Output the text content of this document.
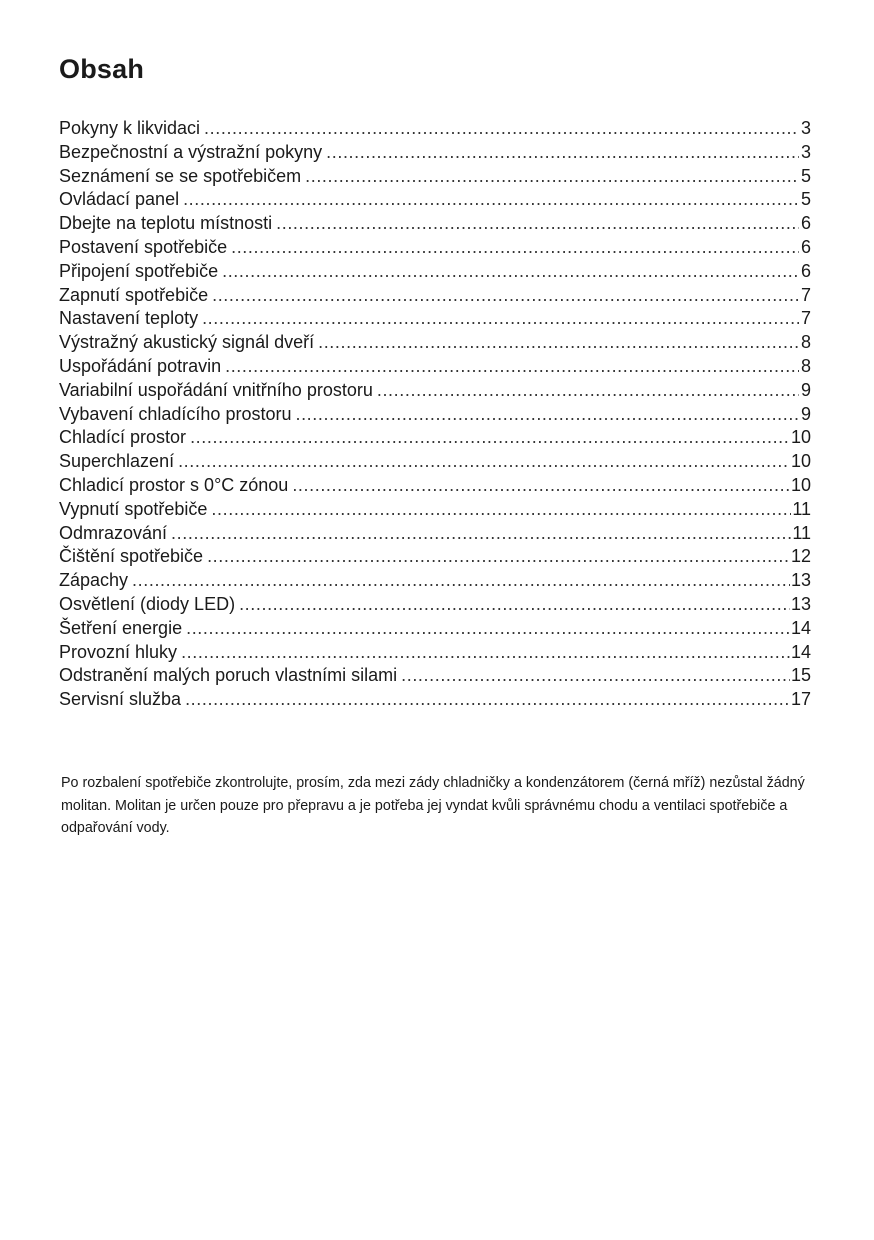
Obsah
Pokyny k likvidaci .....	3
Bezpečnostní a výstražní pokyny .....	3
Seznámení se se spotřebičem .....	5
Ovládací panel .....	5
Dbejte na teplotu místnosti .....	6
Postavení spotřebiče .....	6
Připojení spotřebiče .....	6
Zapnutí spotřebiče .....	7
Nastavení teploty .....	7
Výstražný akustický signál dveří .....	8
Uspořádání potravin .....	8
Variabilní uspořádání vnitřního prostoru .....	9
Vybavení chladícího prostoru .....	9
Chladící prostor .....	10
Superchlazení .....	10
Chladicí prostor s 0°C zónou .....	10
Vypnutí spotřebiče .....	11
Odmrazování .....	11
Čištění spotřebiče .....	12
Zápachy .....	13
Osvětlení (diody LED) .....	13
Šetření energie .....	14
Provozní hluky .....	14
Odstranění malých poruch vlastními silami .....	15
Servisní služba .....	17

Po rozbalení spotřebiče zkontrolujte, prosím, zda mezi zády chladničky a kondenzátorem (černá mříž) nezůstal žádný molitan. Molitan je určen pouze pro přepravu a je potřeba jej vyndat kvůli správnému chodu a ventilaci spotřebiče a odpařování vody.
